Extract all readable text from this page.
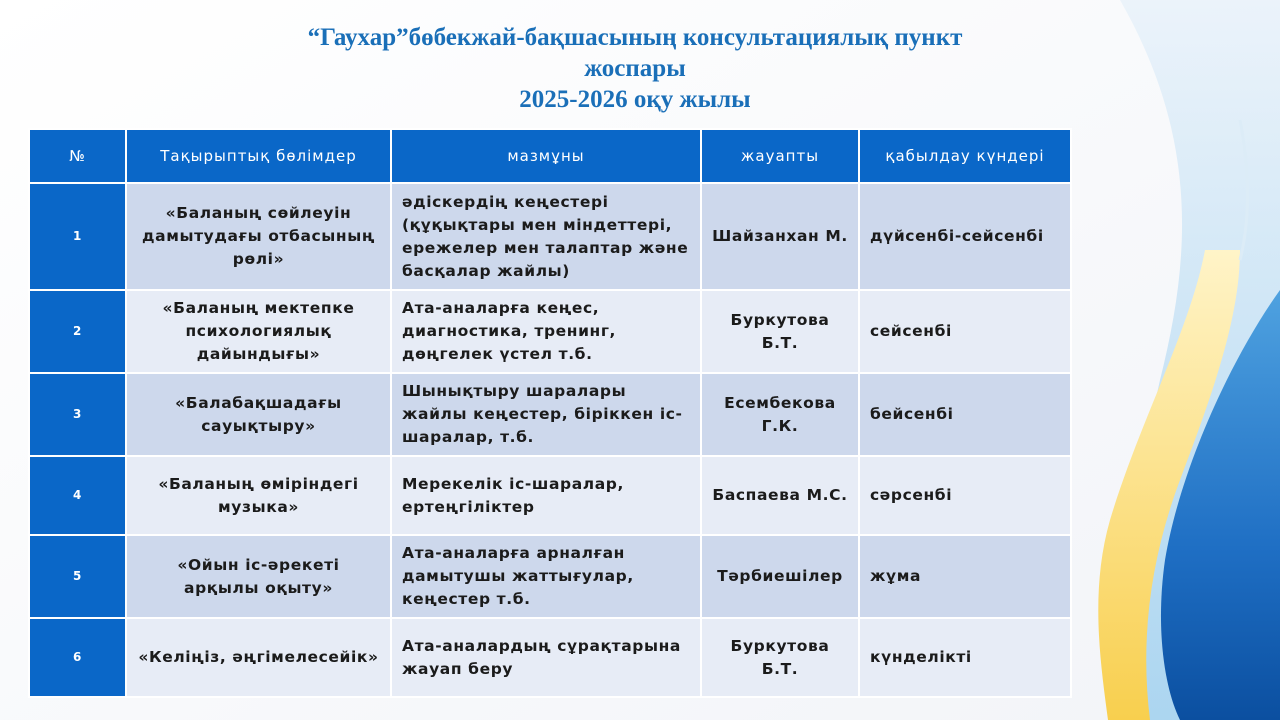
“Гаухар”бөбекжай-бақшасының консультациялық пункт
жоспары
2025-2026 оқу жылы
№	Тақырыптық бөлімдер	мазмұны	жауапты	қабылдау күндері
1	«Баланың сөйлеуін дамытудағы отбасының рөлі»	әдіскердің кеңестері (құқықтары мен міндеттері, ережелер мен талаптар және басқалар жайлы)	Шайзанхан М.	дүйсенбі-сейсенбі
2	«Баланың мектепке психологиялық дайындығы»	Ата-аналарға кеңес, диагностика, тренинг, дөңгелек үстел т.б.	Буркутова Б.Т.	сейсенбі
3	«Балабақшадағы сауықтыру»	Шынықтыру шаралары жайлы кеңестер, біріккен іс-шаралар, т.б.	Есембекова Г.К.	бейсенбі
4	«Баланың өміріндегі музыка»	Мерекелік іс-шаралар, ертеңгіліктер	Баспаева М.С.	сәрсенбі
5	«Ойын іс-әрекеті арқылы оқыту»	Ата-аналарға арналған дамытушы жаттығулар, кеңестер т.б.	Тәрбиешілер	жұма
6	«Келіңіз, әңгімелесейік»	Ата-аналардың сұрақтарына жауап беру	Буркутова Б.Т.	күнделікті
